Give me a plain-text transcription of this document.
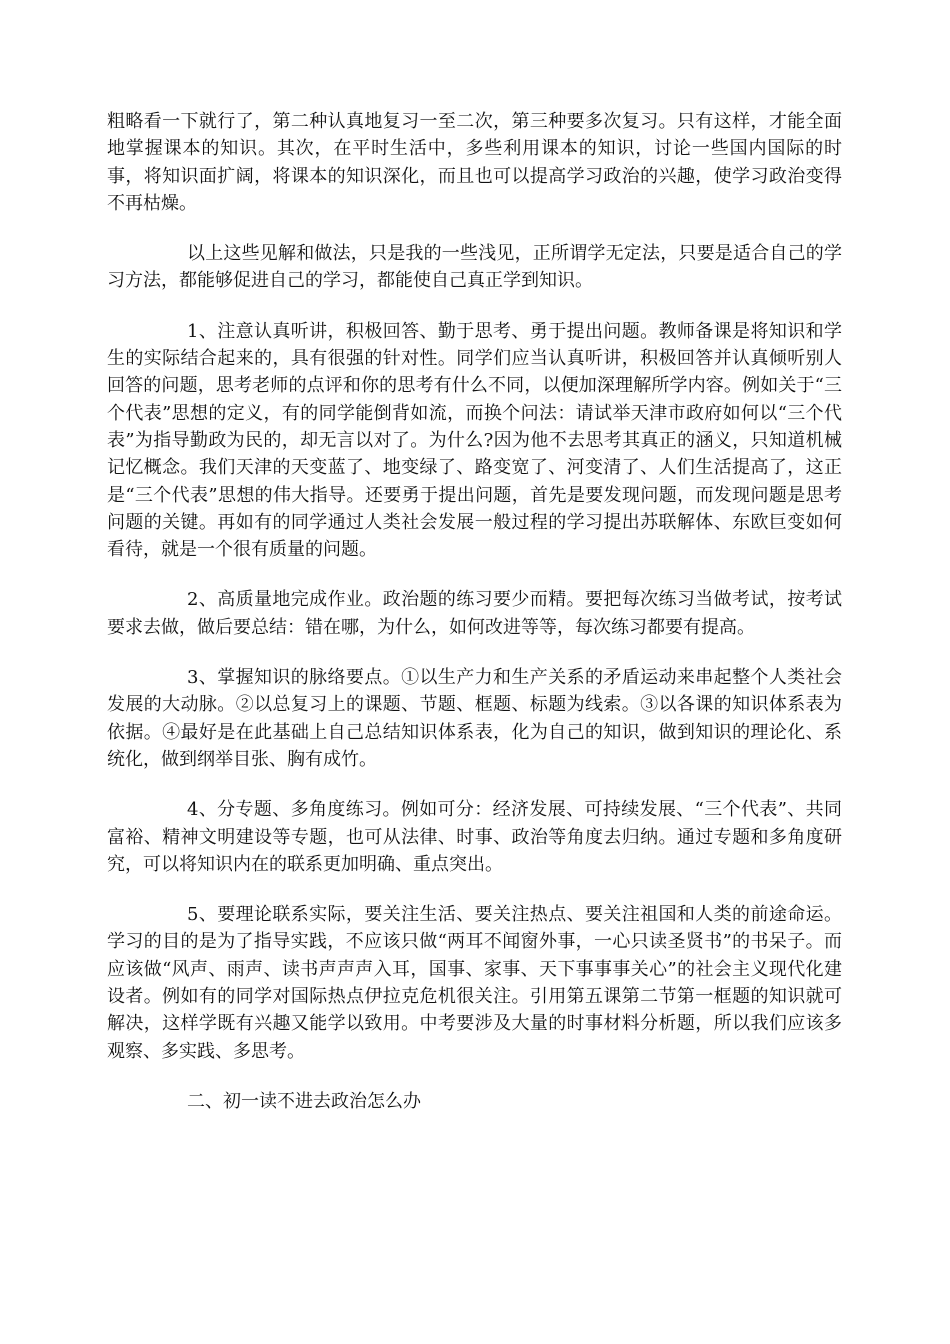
粗略看一下就行了，第二种认真地复习一至二次，第三种要多次复习。只有这样，才能全面地掌握课本的知识。其次，在平时生活中，多些利用课本的知识，讨论一些国内国际的时事，将知识面扩阔，将课本的知识深化，而且也可以提高学习政治的兴趣，使学习政治变得不再枯燥。

以上这些见解和做法，只是我的一些浅见，正所谓学无定法，只要是适合自己的学习方法，都能够促进自己的学习，都能使自己真正学到知识。

1、注意认真听讲，积极回答、勤于思考、勇于提出问题。教师备课是将知识和学生的实际结合起来的，具有很强的针对性。同学们应当认真听讲，积极回答并认真倾听别人回答的问题，思考老师的点评和你的思考有什么不同，以便加深理解所学内容。例如关于“三个代表”思想的定义，有的同学能倒背如流，而换个问法：请试举天津市政府如何以“三个代表”为指导勤政为民的，却无言以对了。为什么?因为他不去思考其真正的涵义，只知道机械记忆概念。我们天津的天变蓝了、地变绿了、路变宽了、河变清了、人们生活提高了，这正是“三个代表”思想的伟大指导。还要勇于提出问题，首先是要发现问题，而发现问题是思考问题的关键。再如有的同学通过人类社会发展一般过程的学习提出苏联解体、东欧巨变如何看待，就是一个很有质量的问题。

2、高质量地完成作业。政治题的练习要少而精。要把每次练习当做考试，按考试要求去做，做后要总结：错在哪，为什么，如何改进等等，每次练习都要有提高。

3、掌握知识的脉络要点。①以生产力和生产关系的矛盾运动来串起整个人类社会发展的大动脉。②以总复习上的课题、节题、框题、标题为线索。③以各课的知识体系表为依据。④最好是在此基础上自己总结知识体系表，化为自己的知识，做到知识的理论化、系统化，做到纲举目张、胸有成竹。

4、分专题、多角度练习。例如可分：经济发展、可持续发展、“三个代表”、共同富裕、精神文明建设等专题，也可从法律、时事、政治等角度去归纳。通过专题和多角度研究，可以将知识内在的联系更加明确、重点突出。

5、要理论联系实际，要关注生活、要关注热点、要关注祖国和人类的前途命运。学习的目的是为了指导实践，不应该只做“两耳不闻窗外事，一心只读圣贤书”的书呆子。而应该做“风声、雨声、读书声声声入耳，国事、家事、天下事事事关心”的社会主义现代化建设者。例如有的同学对国际热点伊拉克危机很关注。引用第五课第二节第一框题的知识就可解决，这样学既有兴趣又能学以致用。中考要涉及大量的时事材料分析题，所以我们应该多观察、多实践、多思考。

二、初一读不进去政治怎么办
